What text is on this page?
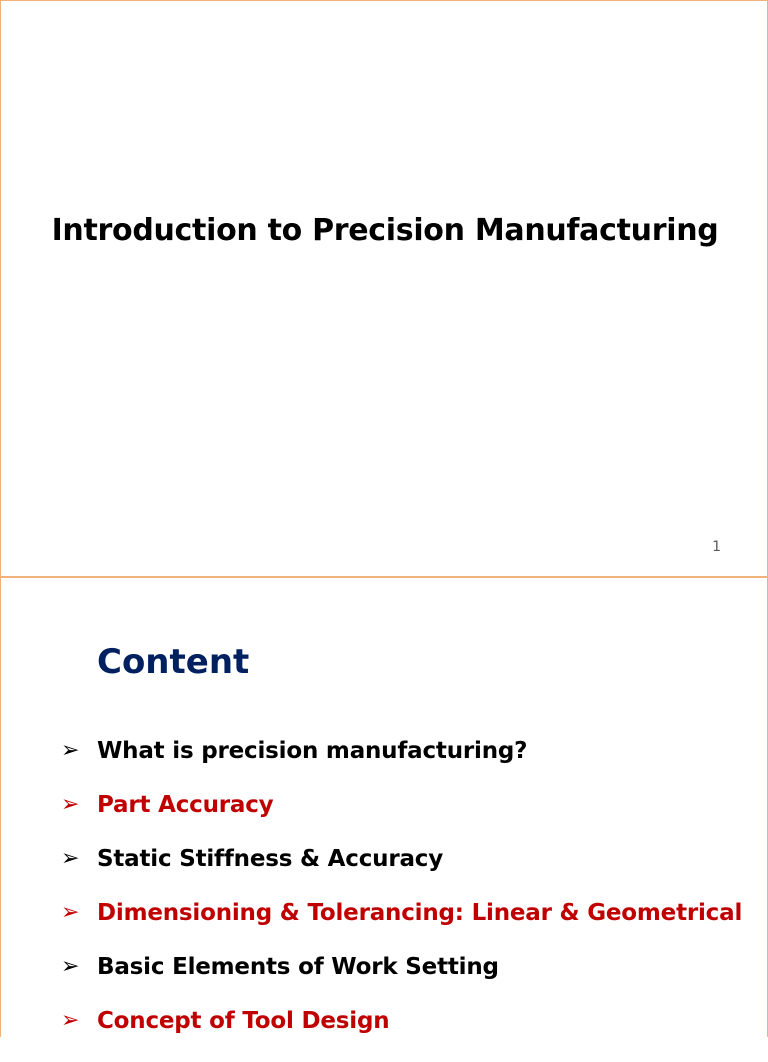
Introduction to Precision Manufacturing
1
Content
➢ What is precision manufacturing?
➢ Part Accuracy
➢ Static Stiffness & Accuracy
➢ Dimensioning & Tolerancing: Linear & Geometrical
➢ Basic Elements of Work Setting
➢ Concept of Tool Design
